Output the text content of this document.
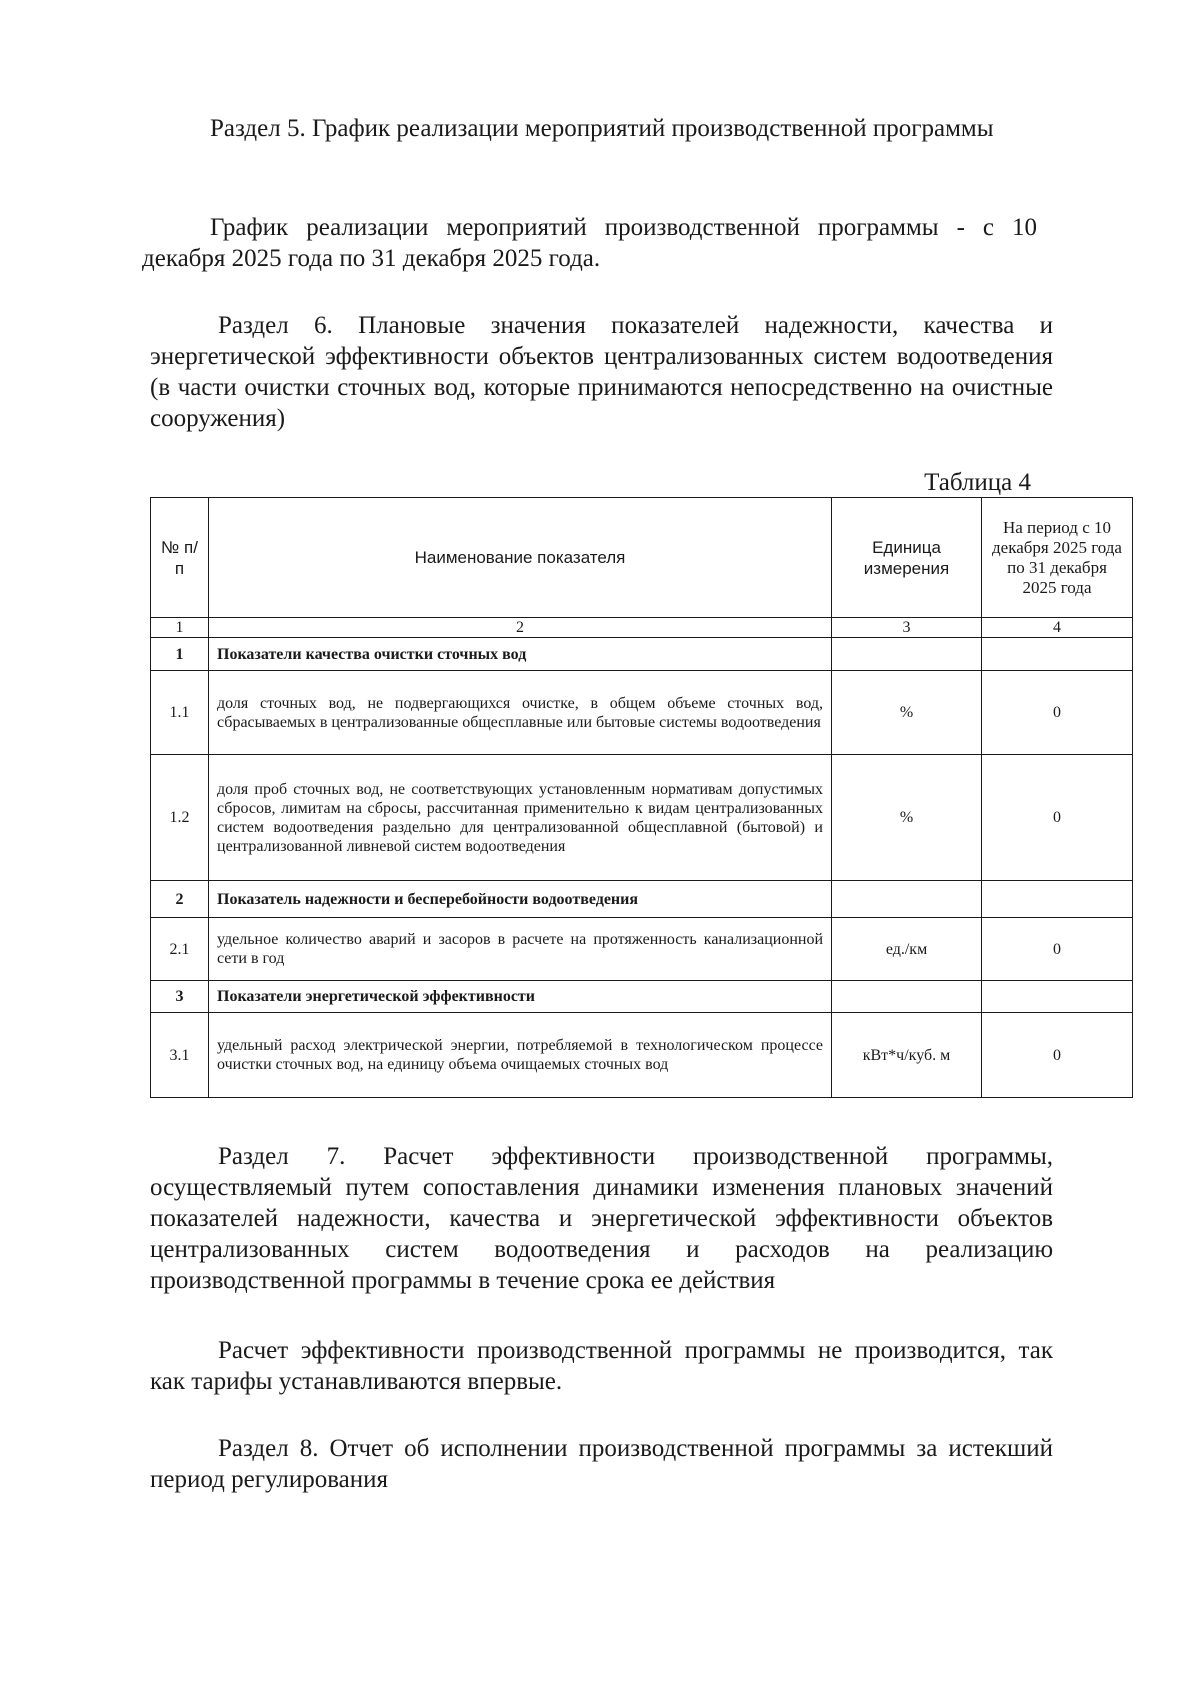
Раздел 5. График реализации мероприятий производственной программы

График реализации мероприятий производственной программы - с 10 декабря 2025 года по 31 декабря 2025 года.

Раздел 6. Плановые значения показателей надежности, качества и энергетической эффективности объектов централизованных систем водоотведения (в части очистки сточных вод, которые принимаются непосредственно на очистные сооружения)

Таблица 4
№ п/п	Наименование показателя	Единица измерения	На период с 10 декабря 2025 года по 31 декабря 2025 года
1	2	3	4
1	Показатели качества очистки сточных вод		
1.1	доля сточных вод, не подвергающихся очистке, в общем объеме сточных вод, сбрасываемых в централизованные общесплавные или бытовые системы водоотведения	%	0
1.2	доля проб сточных вод, не соответствующих установленным нормативам допустимых сбросов, лимитам на сбросы, рассчитанная применительно к видам централизованных систем водоотведения раздельно для централизованной общесплавной (бытовой) и централизованной ливневой систем водоотведения	%	0
2	Показатель надежности и бесперебойности водоотведения		
2.1	удельное количество аварий и засоров в расчете на протяженность канализационной сети в год	ед./км	0
3	Показатели энергетической эффективности		
3.1	удельный расход электрической энергии, потребляемой в технологическом процессе очистки сточных вод, на единицу объема очищаемых сточных вод	кВт*ч/куб. м	0

Раздел 7. Расчет эффективности производственной программы, осуществляемый путем сопоставления динамики изменения плановых значений показателей надежности, качества и энергетической эффективности объектов централизованных систем водоотведения и расходов на реализацию производственной программы в течение срока ее действия

Расчет эффективности производственной программы не производится, так как тарифы устанавливаются впервые.

Раздел 8. Отчет об исполнении производственной программы за истекший период регулирования
